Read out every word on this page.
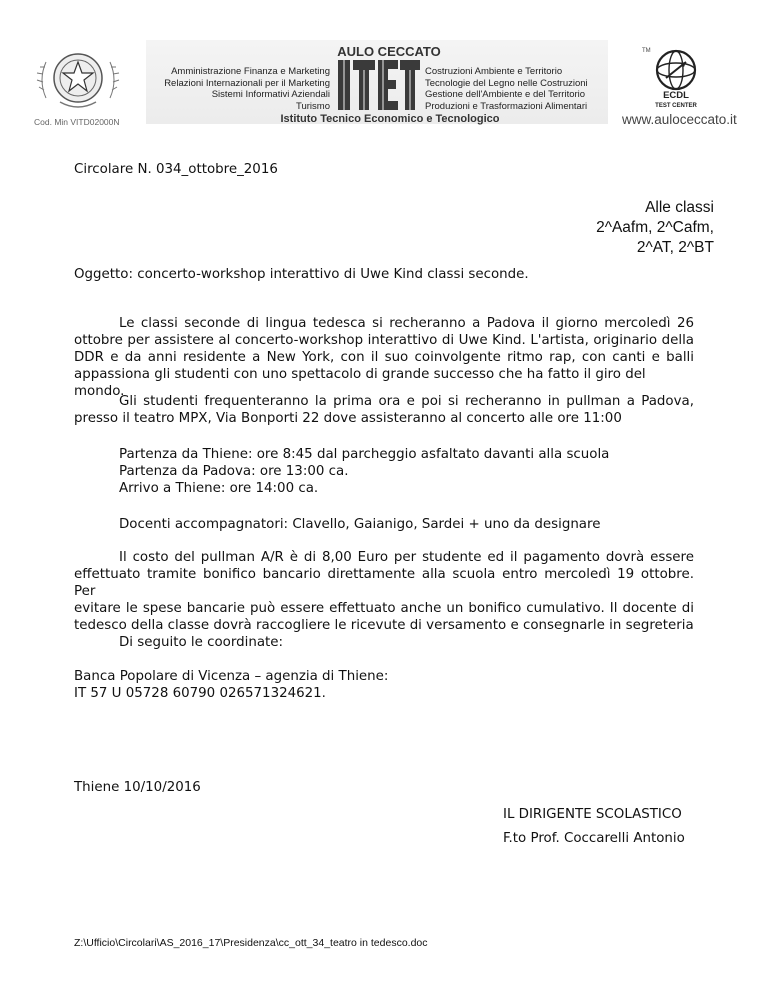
Cod. Min VITD02000N
AULO CECCATO
Amministrazione Finanza e Marketing
Relazioni Internazionali per il Marketing
Sistemi Informativi Aziendali
Turismo
Costruzioni Ambiente e Territorio
Tecnologie del Legno nelle Costruzioni
Gestione dell'Ambiente e del Territorio
Produzioni e Trasformazioni Alimentari
Istituto Tecnico Economico e Tecnologico
TM
ECDL
TEST CENTER
www.auloceccato.it
Circolare N. 034_ottobre_2016
Alle classi
2^Aafm, 2^Cafm,
2^AT, 2^BT
Oggetto: concerto-workshop interattivo di Uwe Kind classi seconde.
Le classi seconde di lingua tedesca si recheranno a Padova il giorno mercoledì 26
ottobre per assistere al concerto-workshop interattivo di Uwe Kind. L'artista, originario della
DDR e da anni residente a New York, con il suo coinvolgente ritmo rap, con canti e balli
appassiona gli studenti con uno spettacolo di grande successo che ha fatto il giro del mondo.
Gli studenti frequenteranno la prima ora e poi si recheranno in pullman a Padova,
presso il teatro MPX, Via Bonporti 22 dove assisteranno al concerto alle ore 11:00
Partenza da Thiene: ore 8:45 dal parcheggio asfaltato davanti alla scuola
Partenza da Padova: ore 13:00 ca.
Arrivo a Thiene: ore 14:00 ca.
Docenti accompagnatori: Clavello, Gaianigo, Sardei + uno da designare
Il costo del pullman A/R è di 8,00 Euro per studente ed il pagamento dovrà essere
effettuato tramite bonifico bancario direttamente alla scuola entro mercoledì 19 ottobre. Per
evitare le spese bancarie può essere effettuato anche un bonifico cumulativo. Il docente di
tedesco della classe dovrà raccogliere le ricevute di versamento e consegnarle in segreteria
Di seguito le coordinate:
Banca Popolare di Vicenza – agenzia di Thiene:
IT 57 U 05728 60790 026571324621.
Thiene 10/10/2016
IL DIRIGENTE SCOLASTICO
F.to Prof. Coccarelli Antonio
Z:\Ufficio\Circolari\AS_2016_17\Presidenza\cc_ott_34_teatro in tedesco.doc
